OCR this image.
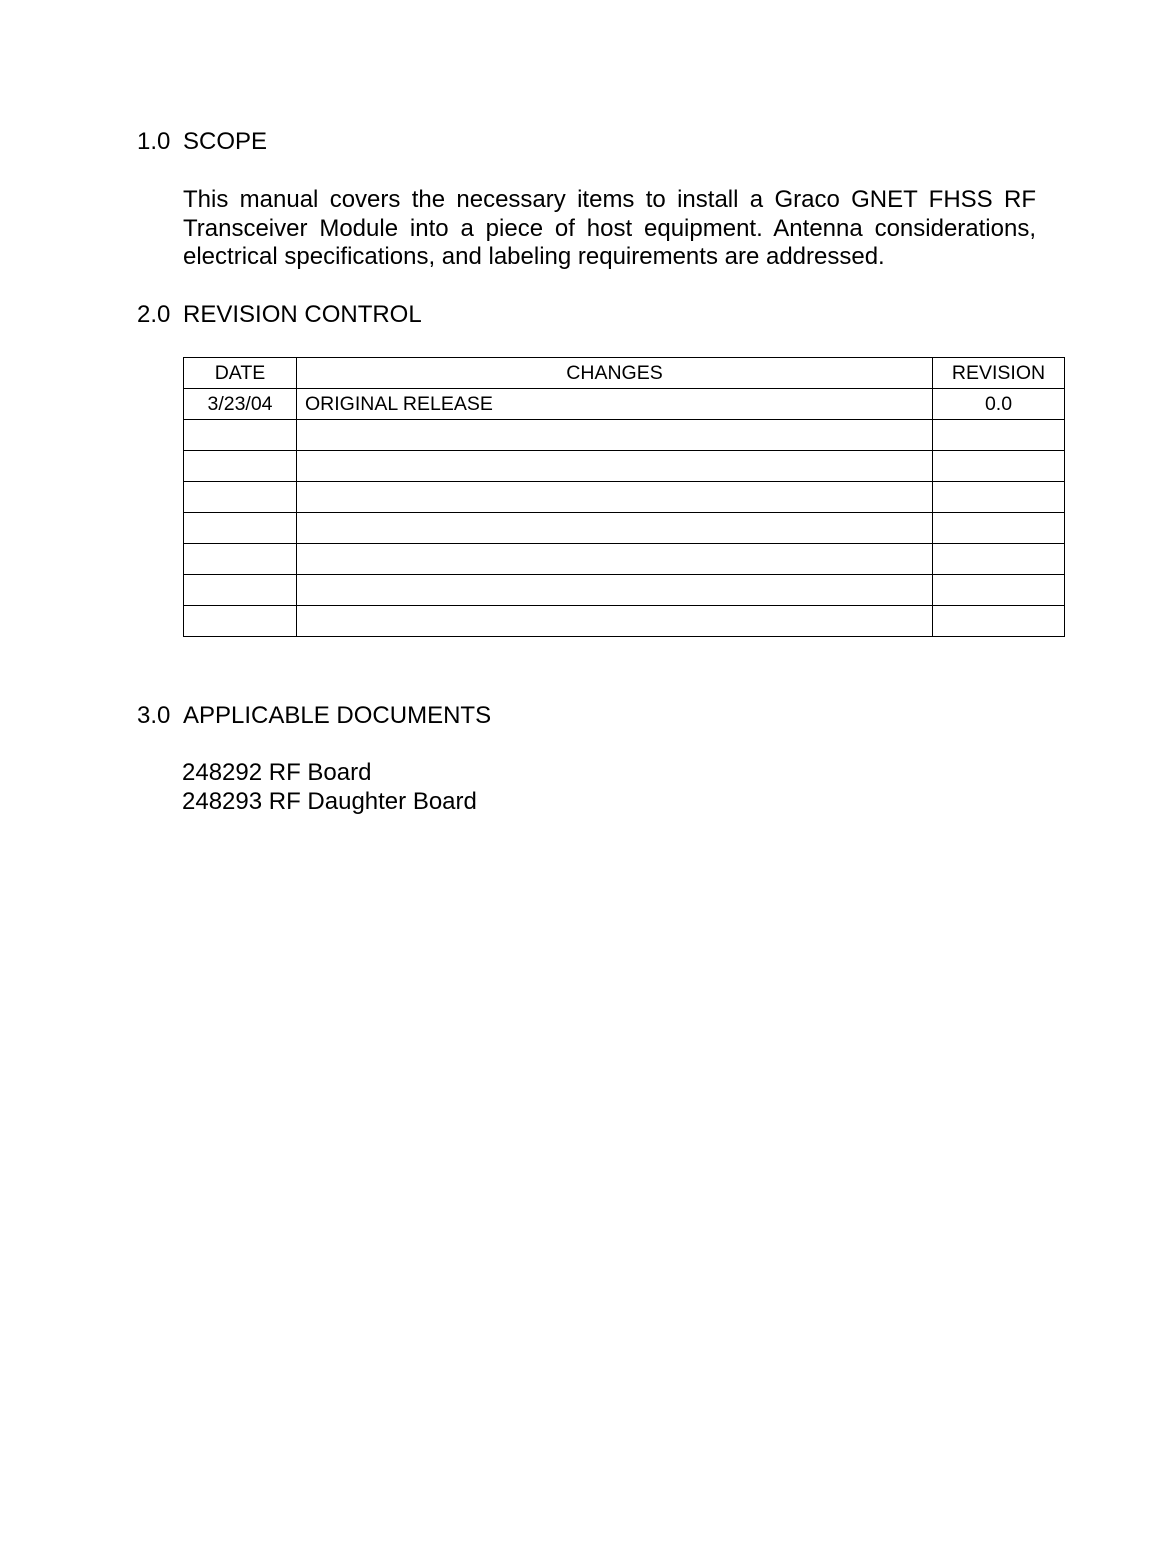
1.0 SCOPE
This manual covers the necessary items to install a Graco GNET FHSS RF Transceiver Module into a piece of host equipment. Antenna considerations, electrical specifications, and labeling requirements are addressed.
2.0 REVISION CONTROL
DATE	CHANGES	REVISION
3/23/04	ORIGINAL RELEASE	0.0

3.0 APPLICABLE DOCUMENTS
248292 RF Board
248293 RF Daughter Board
